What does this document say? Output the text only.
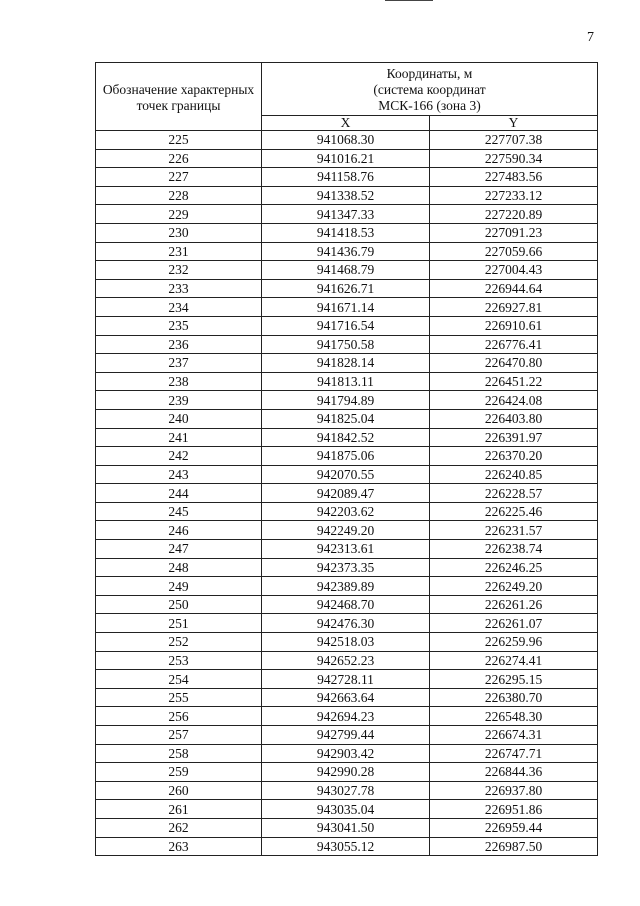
7
Обозначение характерных точек границы	Координаты, м
(система координат
МСК-166 (зона 3)	

	X	Y
225	941068.30	227707.38
226	941016.21	227590.34
227	941158.76	227483.56
228	941338.52	227233.12
229	941347.33	227220.89
230	941418.53	227091.23
231	941436.79	227059.66
232	941468.79	227004.43
233	941626.71	226944.64
234	941671.14	226927.81
235	941716.54	226910.61
236	941750.58	226776.41
237	941828.14	226470.80
238	941813.11	226451.22
239	941794.89	226424.08
240	941825.04	226403.80
241	941842.52	226391.97
242	941875.06	226370.20
243	942070.55	226240.85
244	942089.47	226228.57
245	942203.62	226225.46
246	942249.20	226231.57
247	942313.61	226238.74
248	942373.35	226246.25
249	942389.89	226249.20
250	942468.70	226261.26
251	942476.30	226261.07
252	942518.03	226259.96
253	942652.23	226274.41
254	942728.11	226295.15
255	942663.64	226380.70
256	942694.23	226548.30
257	942799.44	226674.31
258	942903.42	226747.71
259	942990.28	226844.36
260	943027.78	226937.80
261	943035.04	226951.86
262	943041.50	226959.44
263	943055.12	226987.50
